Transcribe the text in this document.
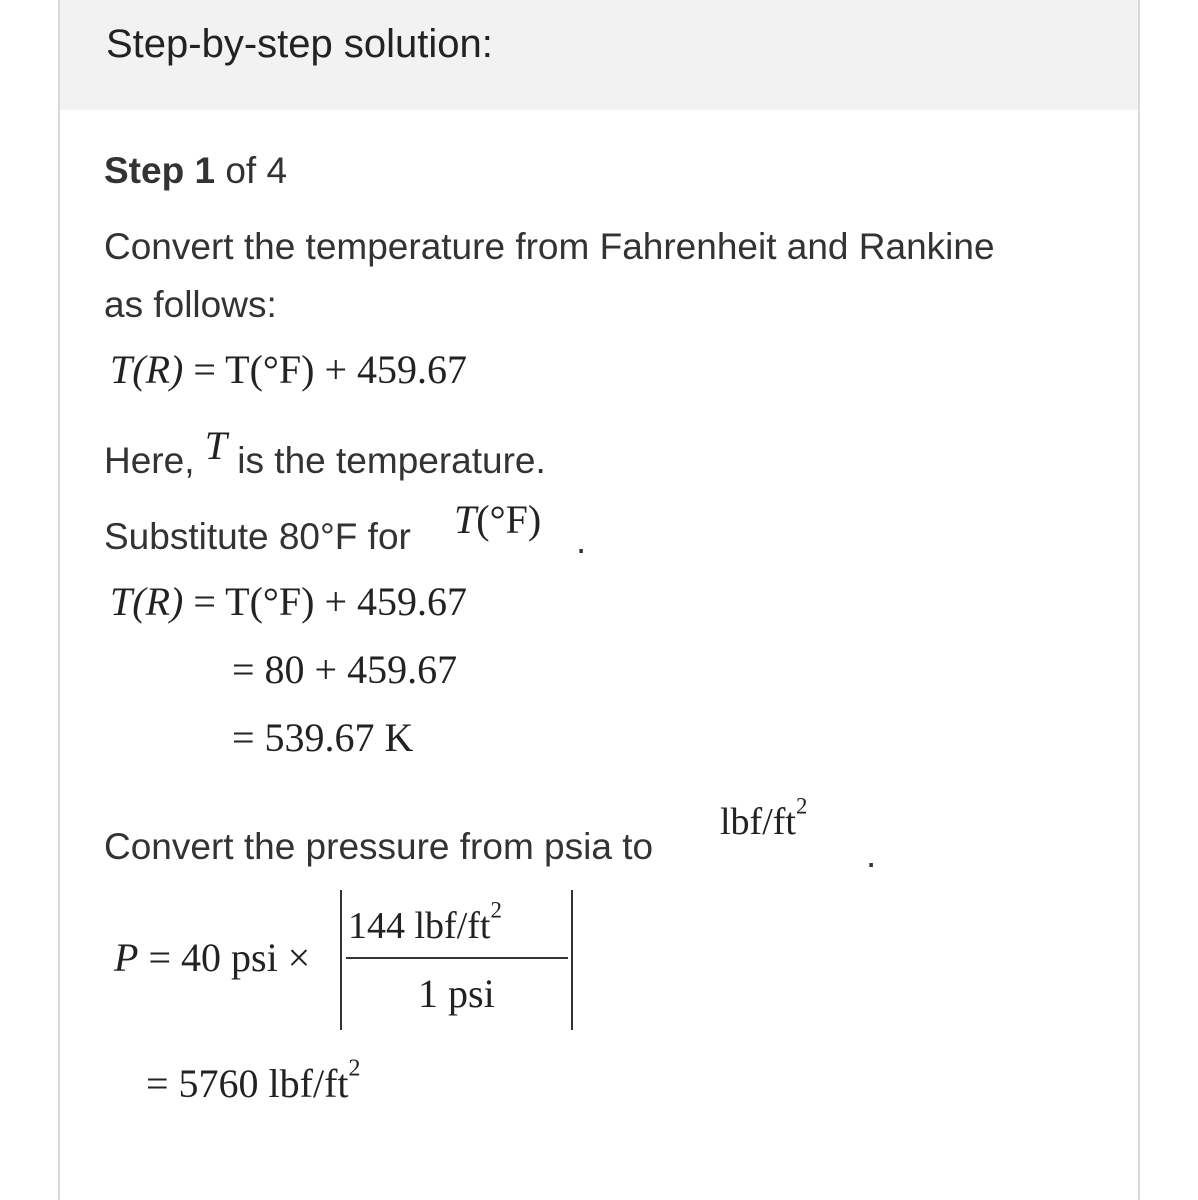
Step-by-step solution:
Step 1 of 4
Convert the temperature from Fahrenheit and Rankine
as follows:
T(R) = T(°F) + 459.67
Here, T is the temperature.
Substitute 80°F for T(°F) .
T(R) = T(°F) + 459.67
= 80 + 459.67
= 539.67 K
Convert the pressure from psia to
lbf/$ft^2$
.
P = 40 psi ×
144 lbf/$ft^2$
1 psi
= 5760 lbf/$ft^2$
